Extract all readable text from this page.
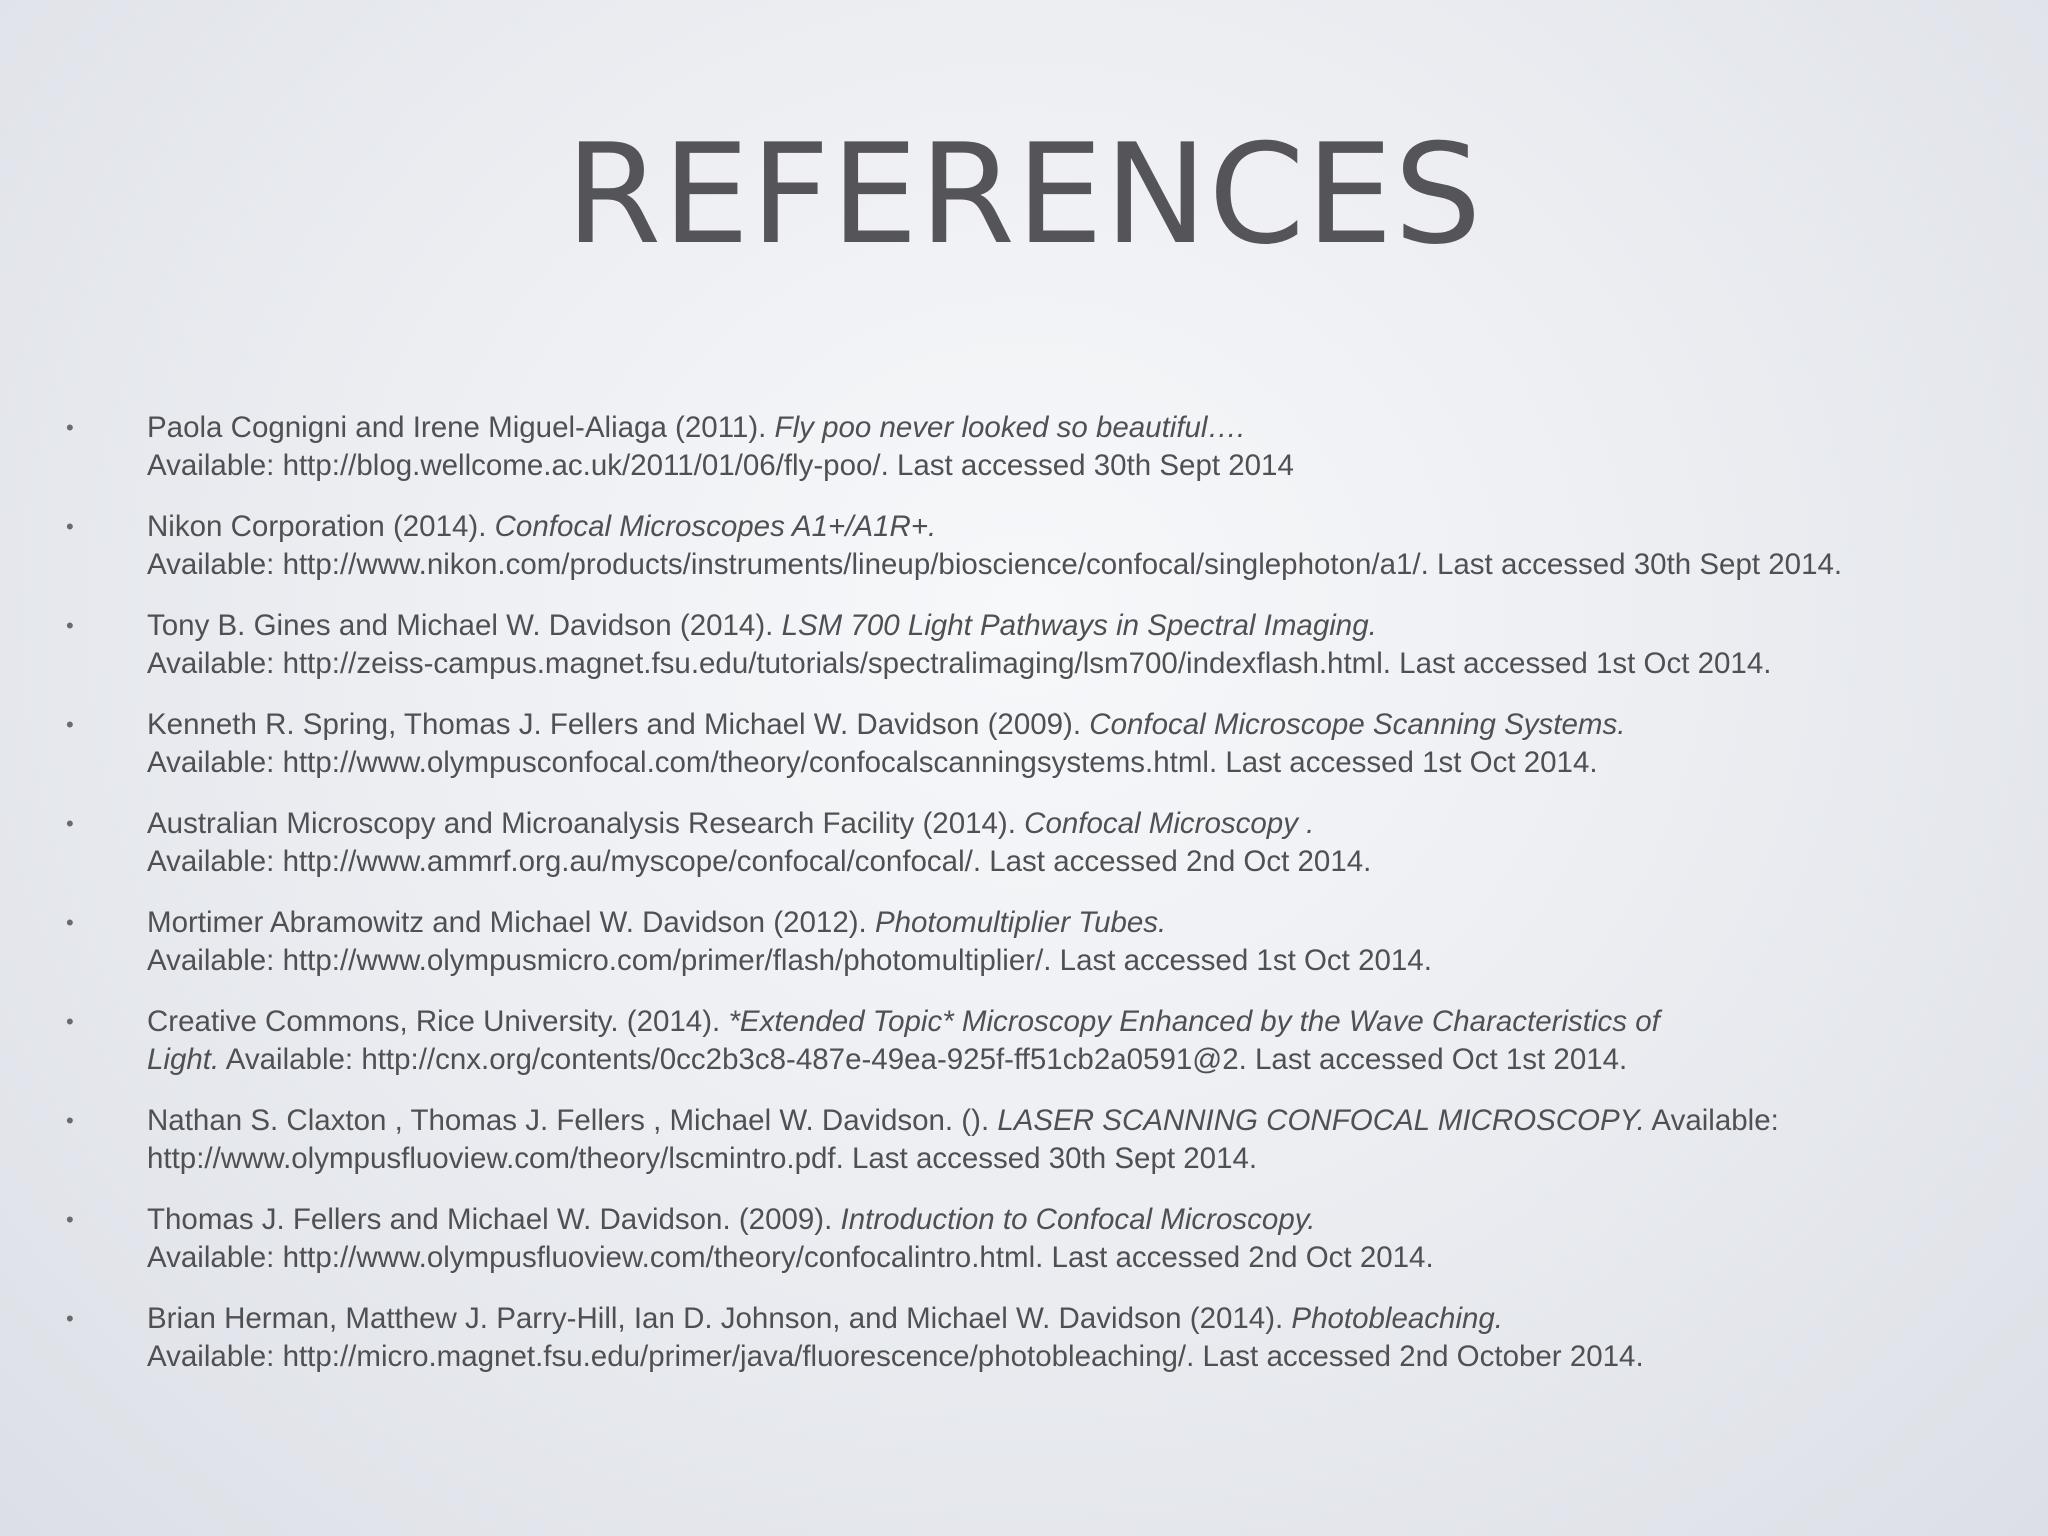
REFERENCES
• Paola Cognigni and Irene Miguel-Aliaga (2011). Fly poo never looked so beautiful….
Available: http://blog.wellcome.ac.uk/2011/01/06/fly-poo/. Last accessed 30th Sept 2014
• Nikon Corporation (2014). Confocal Microscopes A1+/A1R+.
Available: http://www.nikon.com/products/instruments/lineup/bioscience/confocal/singlephoton/a1/. Last accessed 30th Sept 2014.
• Tony B. Gines and Michael W. Davidson (2014). LSM 700 Light Pathways in Spectral Imaging.
Available: http://zeiss-campus.magnet.fsu.edu/tutorials/spectralimaging/lsm700/indexflash.html. Last accessed 1st Oct 2014.
• Kenneth R. Spring, Thomas J. Fellers and Michael W. Davidson (2009). Confocal Microscope Scanning Systems.
Available: http://www.olympusconfocal.com/theory/confocalscanningsystems.html. Last accessed 1st Oct 2014.
• Australian Microscopy and Microanalysis Research Facility (2014). Confocal Microscopy .
Available: http://www.ammrf.org.au/myscope/confocal/confocal/. Last accessed 2nd Oct 2014.
• Mortimer Abramowitz and Michael W. Davidson (2012). Photomultiplier Tubes.
Available: http://www.olympusmicro.com/primer/flash/photomultiplier/. Last accessed 1st Oct 2014.
• Creative Commons, Rice University. (2014). *Extended Topic* Microscopy Enhanced by the Wave Characteristics of
Light. Available: http://cnx.org/contents/0cc2b3c8-487e-49ea-925f-ff51cb2a0591@2. Last accessed Oct 1st 2014.
• Nathan S. Claxton , Thomas J. Fellers , Michael W. Davidson. (). LASER SCANNING CONFOCAL MICROSCOPY. Available:
http://www.olympusfluoview.com/theory/lscmintro.pdf. Last accessed 30th Sept 2014.
• Thomas J. Fellers and Michael W. Davidson. (2009). Introduction to Confocal Microscopy.
Available: http://www.olympusfluoview.com/theory/confocalintro.html. Last accessed 2nd Oct 2014.
• Brian Herman, Matthew J. Parry-Hill, Ian D. Johnson, and Michael W. Davidson (2014). Photobleaching.
Available: http://micro.magnet.fsu.edu/primer/java/fluorescence/photobleaching/. Last accessed 2nd October 2014.
